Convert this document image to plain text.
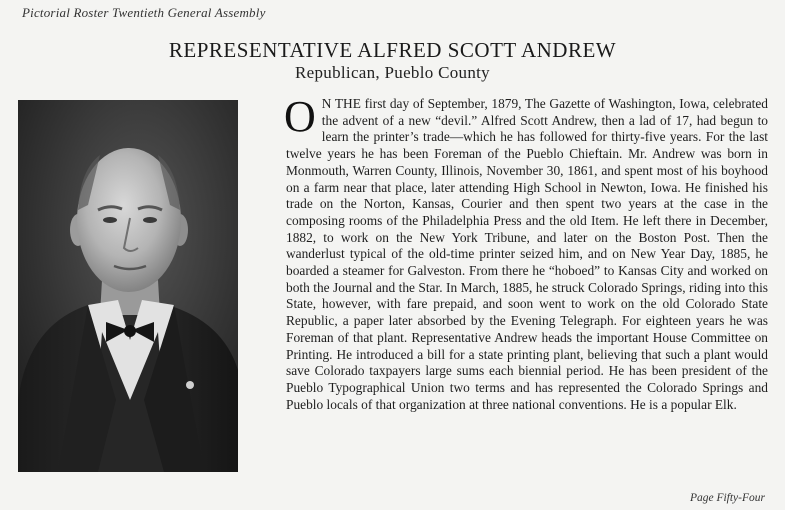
Pictorial Roster Twentieth General Assembly
REPRESENTATIVE ALFRED SCOTT ANDREW
Republican, Pueblo County
O N THE first day of September, 1879, The Gazette of Washington, Iowa, celebrated the advent of a new “devil.” Alfred Scott Andrew, then a lad of 17, had begun to learn the printer’s trade—which he has followed for thirty-five years. For the last twelve years he has been Foreman of the Pueblo Chieftain. Mr. Andrew was born in Monmouth, Warren County, Illinois, November 30, 1861, and spent most of his boyhood on a farm near that place, later attending High School in Newton, Iowa. He finished his trade on the Norton, Kansas, Courier and then spent two years at the case in the composing rooms of the Philadelphia Press and the old Item. He left there in December, 1882, to work on the New York Tribune, and later on the Boston Post. Then the wanderlust typical of the old-time printer seized him, and on New Year Day, 1885, he boarded a steamer for Galveston. From there he “hoboed” to Kansas City and worked on both the Journal and the Star. In March, 1885, he struck Colorado Springs, riding into this State, however, with fare prepaid, and soon went to work on the old Colorado State Republic, a paper later absorbed by the Evening Telegraph. For eighteen years he was Foreman of that plant. Representative Andrew heads the important House Committee on Printing. He introduced a bill for a state printing plant, believing that such a plant would save Colorado taxpayers large sums each biennial period. He has been president of the Pueblo Typographical Union two terms and has represented the Colorado Springs and Pueblo locals of that organization at three national conventions. He is a popular Elk.
Page Fifty-Four
